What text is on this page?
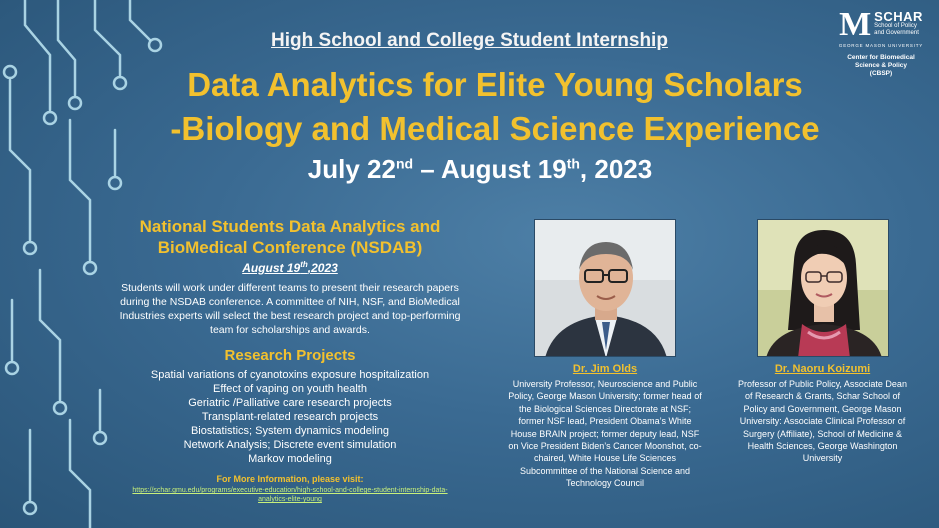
M SCHAR
School of Policy
and Government
GEORGE MASON UNIVERSITY
Center for Biomedical
Science & Policy
(CBSP)
High School and College Student Internship
Data Analytics for Elite Young Scholars
-Biology and Medical Science Experience
July 22nd – August 19th, 2023
National Students Data Analytics and
BioMedical Conference (NSDAB)
August 19th,2023
Students will work under different teams to present their research papers during the NSDAB conference. A committee of NIH, NSF, and BioMedical Industries experts will select the best research project and top-performing team for scholarships and awards.
Research Projects
Spatial variations of cyanotoxins exposure hospitalization
Effect of vaping on youth health
Geriatric /Palliative care research projects
Transplant-related research projects
Biostatistics; System dynamics modeling
Network Analysis; Discrete event simulation
Markov modeling
For More Information, please visit:
https://schar.gmu.edu/programs/executive-education/high-school-and-college-student-internship-data-analytics-elite-young
Dr. Jim Olds
University Professor, Neuroscience and Public Policy, George Mason University; former head of the Biological Sciences Directorate at NSF; former NSF lead, President Obama’s White House BRAIN project; former deputy lead, NSF on Vice President Biden’s Cancer Moonshot, co-chaired, White House Life Sciences Subcommittee of the National Science and Technology Council
Dr. Naoru Koizumi
Professor of Public Policy, Associate Dean of Research & Grants, Schar School of Policy and Government, George Mason University: Associate Clinical Professor of Surgery (Affiliate), School of Medicine & Health Sciences, George Washington University
